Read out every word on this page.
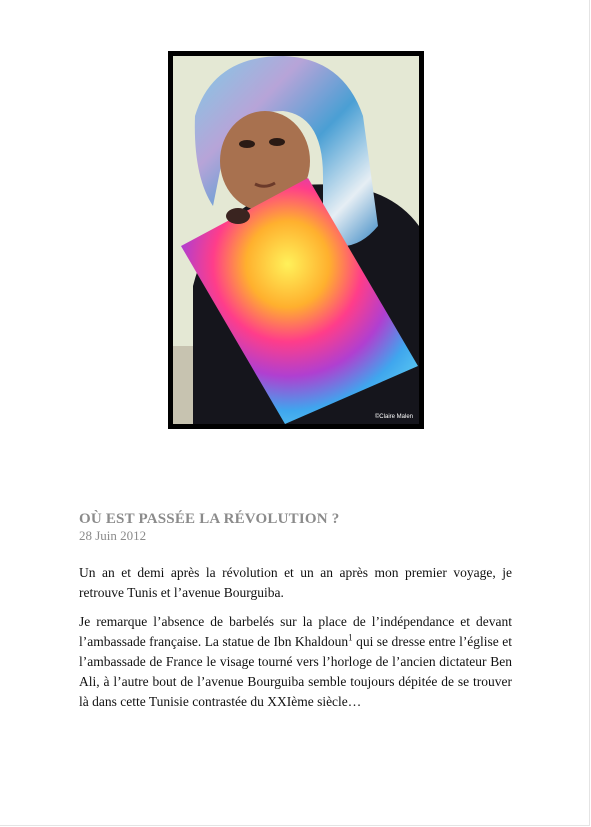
©Claire Malen
OÙ EST PASSÉE LA RÉVOLUTION ?
28 Juin 2012

Un an et demi après la révolution et un an après mon premier voyage, je retrouve Tunis et l’avenue Bourguiba.

Je remarque l’absence de barbelés sur la place de l’indépendance et devant l’ambassade française. La statue de Ibn Khaldoun$^1$ qui se dresse entre l’église et l’ambassade de France le visage tourné vers l’horloge de l’ancien dictateur Ben Ali, à l’autre bout de l’avenue Bourguiba semble toujours dépitée de se trouver là dans cette Tunisie contrastée du XXIème siècle…
